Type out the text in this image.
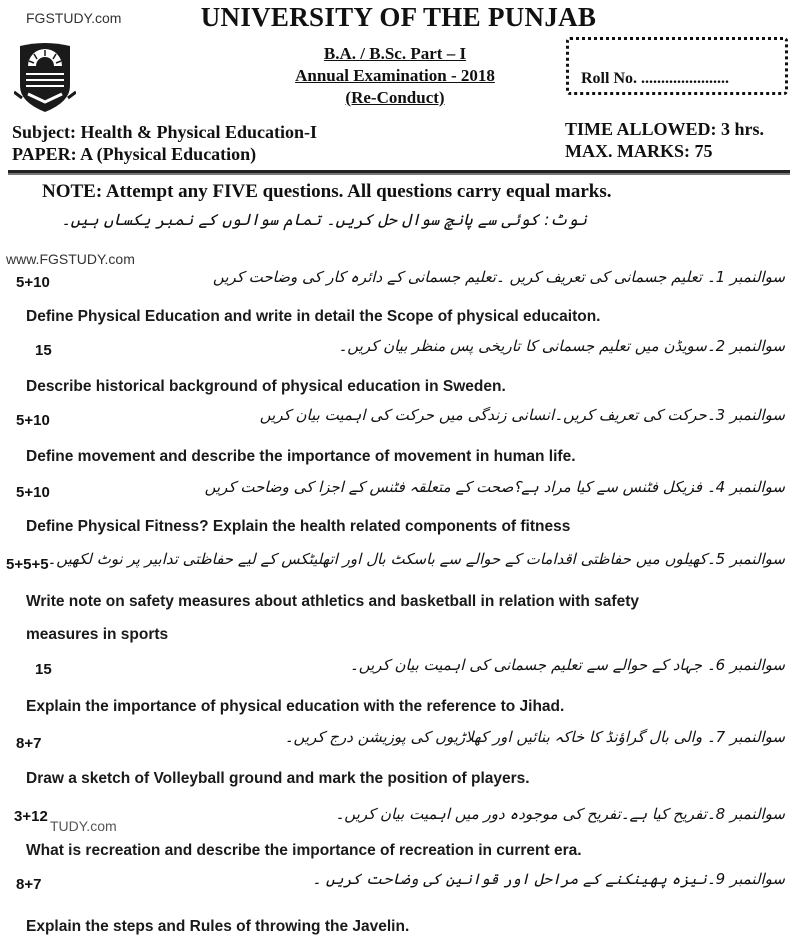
FGSTUDY.com
www.FGSTUDY.com
TUDY.com
UNIVERSITY OF THE PUNJAB
B.A. / B.Sc. Part – I
Annual Examination - 2018
(Re-Conduct)
Roll No. ......................
Subject: Health & Physical Education-I
PAPER: A (Physical Education)
TIME ALLOWED: 3 hrs.
MAX. MARKS: 75
NOTE: Attempt any FIVE questions. All questions carry equal marks.
نوٹ: کوئی سے پانچ سوال حل کریں۔ تمام سوالوں کے نمبر یکساں ہیں۔
5+10	سوالنمبر 1۔ تعلیم جسمانی کی تعریف کریں ۔تعلیم جسمانی کے دائرہ کار کی وضاحت کریں
Define Physical Education and write in detail the Scope of physical educaiton.
15	سوالنمبر 2۔سویڈن میں تعلیم جسمانی کا تاریخی پس منظر بیان کریں۔
Describe historical background of physical education in Sweden.
5+10	سوالنمبر 3۔حرکت کی تعریف کریں۔انسانی زندگی میں حرکت کی اہمیت بیان کریں
Define movement and describe the importance of movement in human life.
5+10	سوالنمبر 4۔ فزیکل فٹنس سے کیا مراد ہے؟صحت کے متعلقہ فٹنس کے اجزا کی وضاحت کریں
Define Physical Fitness? Explain the health related components of fitness
5+5+5
سوالنمبر 5۔کھیلوں میں حفاظتی اقدامات کے حوالے سے باسکٹ بال اور اتھلیٹکس کے لیے حفاظتی تدابیر پر نوٹ لکھیں۔
Write note on safety measures about athletics and basketball in relation with safety
measures in sports
15	سوالنمبر 6۔ جہاد کے حوالے سے تعلیم جسمانی کی اہمیت بیان کریں۔
Explain the importance of physical education with the reference to Jihad.
8+7	سوالنمبر 7۔ والی بال گراؤنڈ کا خاکہ بنائیں اور کھلاڑیوں کی پوزیشن درج کریں۔
Draw a sketch of Volleyball ground and mark the position of players.
3+12	سوالنمبر 8۔تفریح کیا ہے۔تفریح کی موجودہ دور میں اہمیت بیان کریں۔
What is recreation and describe the importance of recreation in current era.
8+7	سوالنمبر 9۔نیزہ پھینکنے کے مراحل اور قوانین کی وضاحت کریں ۔
Explain the steps and Rules of throwing the Javelin.
